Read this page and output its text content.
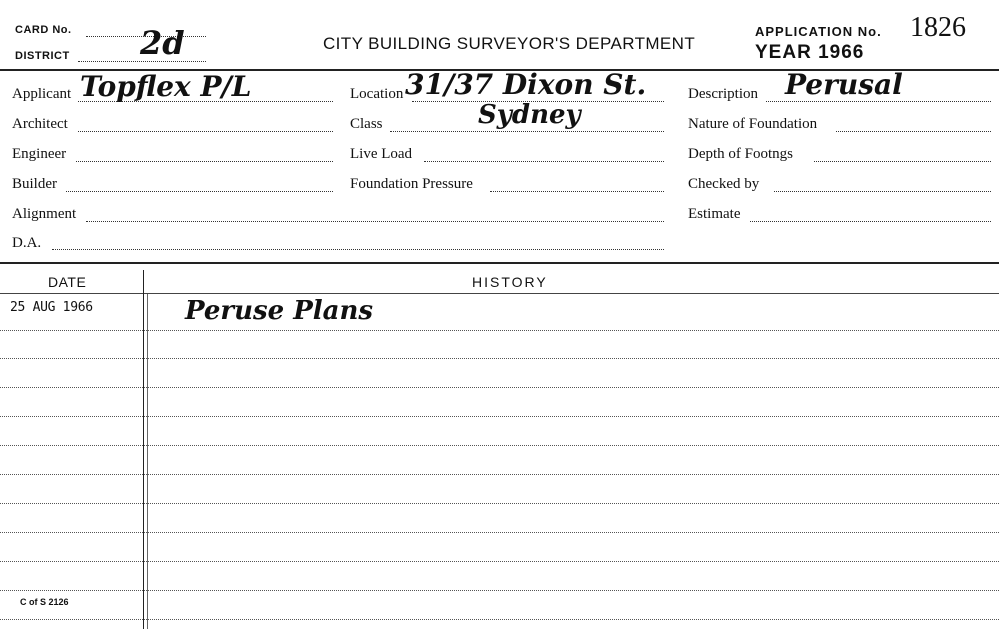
CARD No.
DISTRICT 2d	CITY BUILDING SURVEYOR'S DEPARTMENT
APPLICATION No. 1826
YEAR 1966
Applicant Topflex P/L
Architect
Engineer
Builder
Alignment
D.A.
Location 31/37 Dixon St.
Sydney
Class
Live Load
Foundation Pressure
Description Perusal
Nature of Foundation
Depth of Footngs
Checked by
Estimate
DATE	HISTORY
25 AUG 1966	Peruse Plans
C of S 2126
